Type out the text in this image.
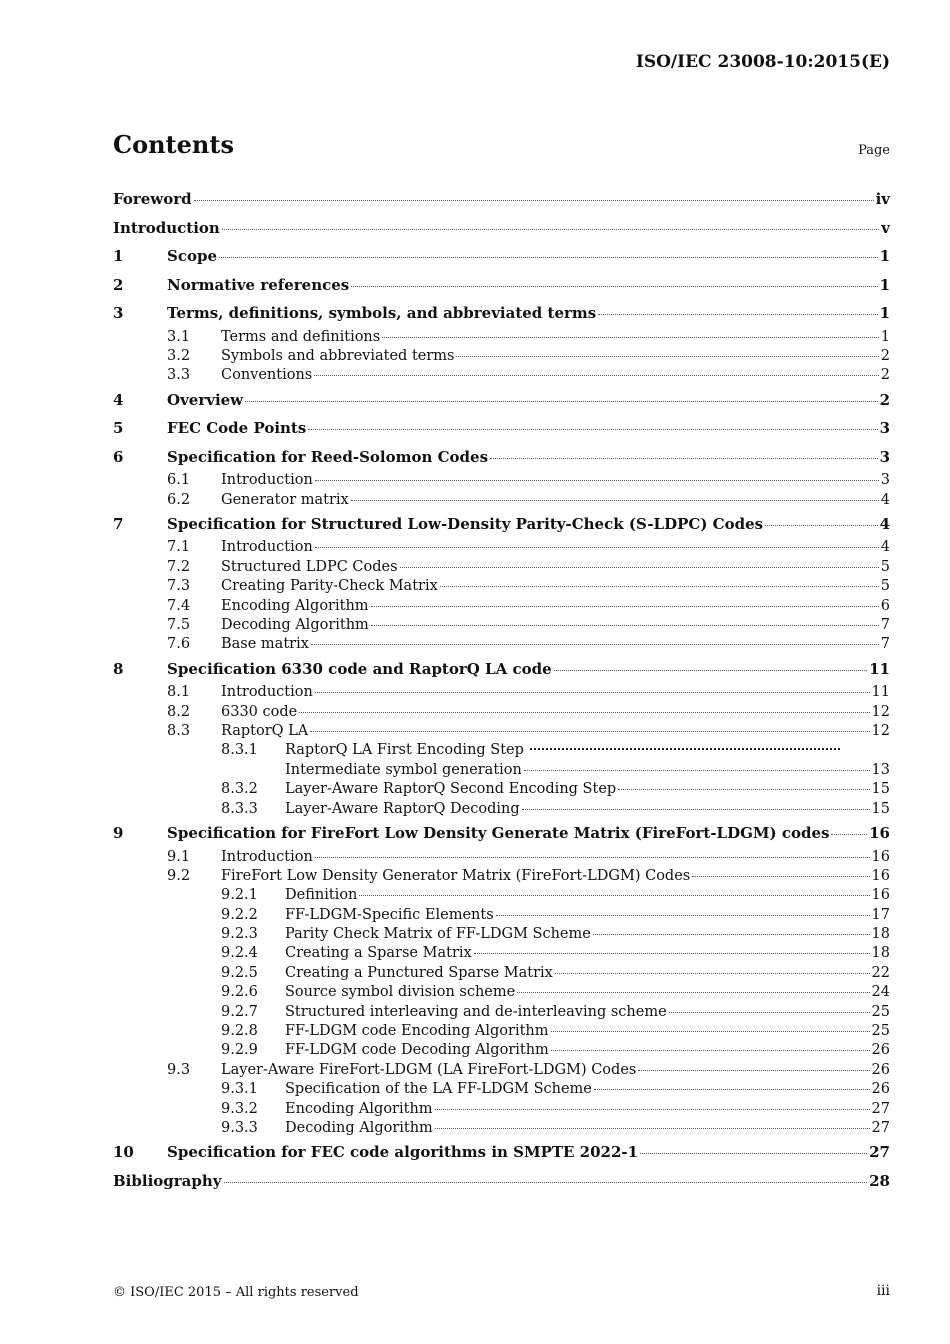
ISO/IEC 23008-10:2015(E)
Contents	Page
Foreword	iv
Introduction	v
1	Scope	1
2	Normative references	1
3	Terms, definitions, symbols, and abbreviated terms	1
3.1	Terms and definitions	1
3.2	Symbols and abbreviated terms	2
3.3	Conventions	2
4	Overview	2
5	FEC Code Points	3
6	Specification for Reed-Solomon Codes	3
6.1	Introduction	3
6.2	Generator matrix	4
7	Specification for Structured Low-Density Parity-Check (S-LDPC) Codes	4
7.1	Introduction	4
7.2	Structured LDPC Codes	5
7.3	Creating Parity-Check Matrix	5
7.4	Encoding Algorithm	6
7.5	Decoding Algorithm	7
7.6	Base matrix	7
8	Specification 6330 code and RaptorQ LA code	11
8.1	Introduction	11
8.2	6330 code	12
8.3	RaptorQ LA	12
8.3.1	RaptorQ LA First Encoding Step
Intermediate symbol generation	13
8.3.2	Layer-Aware RaptorQ Second Encoding Step	15
8.3.3	Layer-Aware RaptorQ Decoding	15
9	Specification for FireFort Low Density Generate Matrix (FireFort-LDGM) codes	16
9.1	Introduction	16
9.2	FireFort Low Density Generator Matrix (FireFort-LDGM) Codes	16
9.2.1	Definition	16
9.2.2	FF-LDGM-Specific Elements	17
9.2.3	Parity Check Matrix of FF-LDGM Scheme	18
9.2.4	Creating a Sparse Matrix	18
9.2.5	Creating a Punctured Sparse Matrix	22
9.2.6	Source symbol division scheme	24
9.2.7	Structured interleaving and de-interleaving scheme	25
9.2.8	FF-LDGM code Encoding Algorithm	25
9.2.9	FF-LDGM code Decoding Algorithm	26
9.3	Layer-Aware FireFort-LDGM (LA FireFort-LDGM) Codes	26
9.3.1	Specification of the LA FF-LDGM Scheme	26
9.3.2	Encoding Algorithm	27
9.3.3	Decoding Algorithm	27
10	Specification for FEC code algorithms in SMPTE 2022-1	27
Bibliography	28
© ISO/IEC 2015 – All rights reserved	iii
